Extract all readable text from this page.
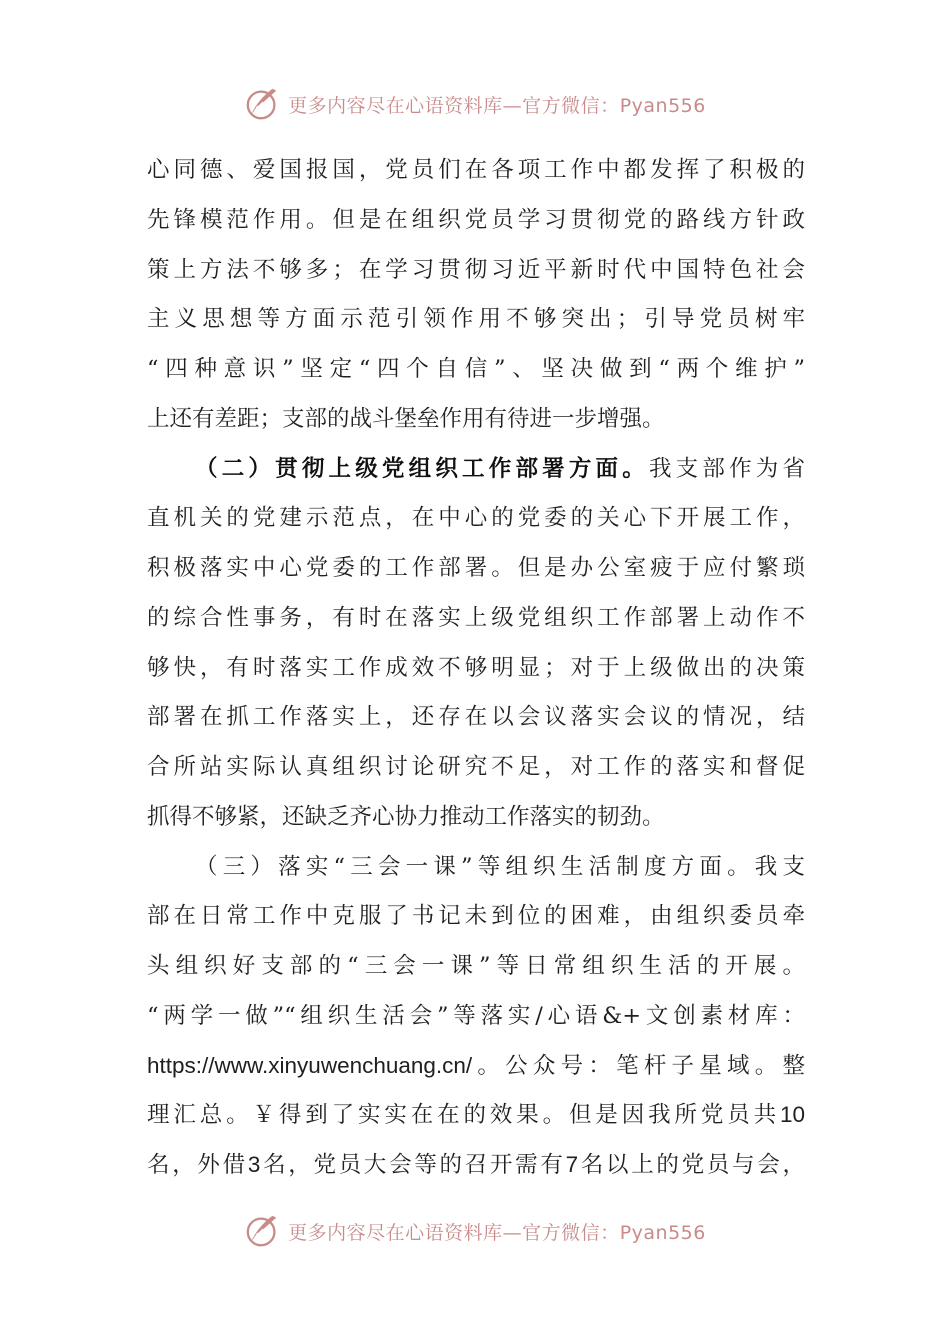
更多内容尽在心语资料库—官方微信：Pyan556
心同德、爱国报国，党员们在各项工作中都发挥了积极的
先锋模范作用。但是在组织党员学习贯彻党的路线方针政
策上方法不够多；在学习贯彻习近平新时代中国特色社会
主义思想等方面示范引领作用不够突出；引导党员树牢
“四种意识”坚定“四个自信”、坚决做到“两个维护”
上还有差距；支部的战斗堡垒作用有待进一步增强。
（二）贯彻上级党组织工作部署方面。我支部作为省
直机关的党建示范点，在中心的党委的关心下开展工作，
积极落实中心党委的工作部署。但是办公室疲于应付繁琐
的综合性事务，有时在落实上级党组织工作部署上动作不
够快，有时落实工作成效不够明显；对于上级做出的决策
部署在抓工作落实上，还存在以会议落实会议的情况，结
合所站实际认真组织讨论研究不足，对工作的落实和督促
抓得不够紧，还缺乏齐心协力推动工作落实的韧劲。
（三）落实“三会一课”等组织生活制度方面。我支
部在日常工作中克服了书记未到位的困难，由组织委员牵
头组织好支部的“三会一课”等日常组织生活的开展。
“两学一做”“组织生活会”等落实/心语&+文创素材库：
https://www.xinyuwenchuang.cn/。公众号：笔杆子星域。整
理汇总。￥得到了实实在在的效果。但是因我所党员共10
名，外借3名，党员大会等的召开需有7名以上的党员与会，
更多内容尽在心语资料库—官方微信：Pyan556
